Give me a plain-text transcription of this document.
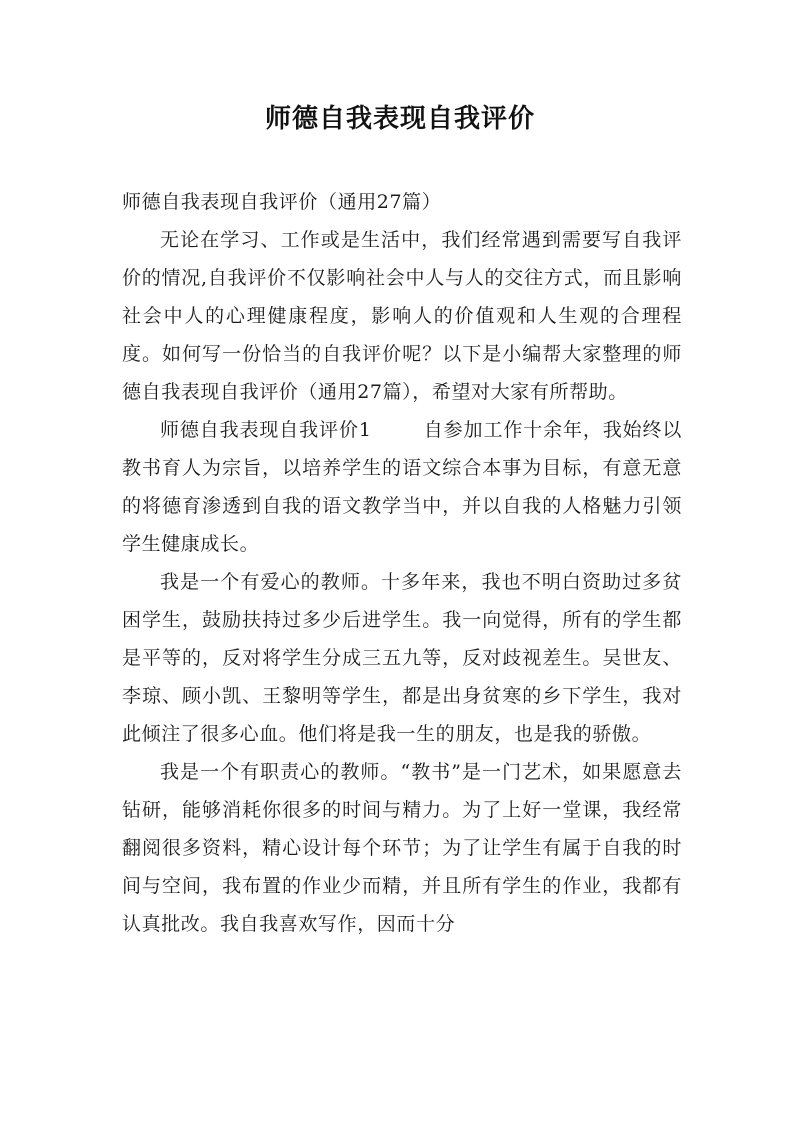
师德自我表现自我评价

师德自我表现自我评价（通用27篇）

无论在学习、工作或是生活中，我们经常遇到需要写自我评价的情况,自我评价不仅影响社会中人与人的交往方式，而且影响社会中人的心理健康程度，影响人的价值观和人生观的合理程度。如何写一份恰当的自我评价呢？以下是小编帮大家整理的师德自我表现自我评价（通用27篇），希望对大家有所帮助。

师德自我表现自我评价1	自参加工作十余年，我始终以教书育人为宗旨，以培养学生的语文综合本事为目标，有意无意的将德育渗透到自我的语文教学当中，并以自我的人格魅力引领学生健康成长。

我是一个有爱心的教师。十多年来，我也不明白资助过多贫困学生，鼓励扶持过多少后进学生。我一向觉得，所有的学生都是平等的，反对将学生分成三五九等，反对歧视差生。吴世友、李琼、顾小凯、王黎明等学生，都是出身贫寒的乡下学生，我对此倾注了很多心血。他们将是我一生的朋友，也是我的骄傲。

我是一个有职责心的教师。“教书”是一门艺术，如果愿意去钻研，能够消耗你很多的时间与精力。为了上好一堂课，我经常翻阅很多资料，精心设计每个环节；为了让学生有属于自我的时间与空间，我布置的作业少而精，并且所有学生的作业，我都有认真批改。我自我喜欢写作，因而十分
